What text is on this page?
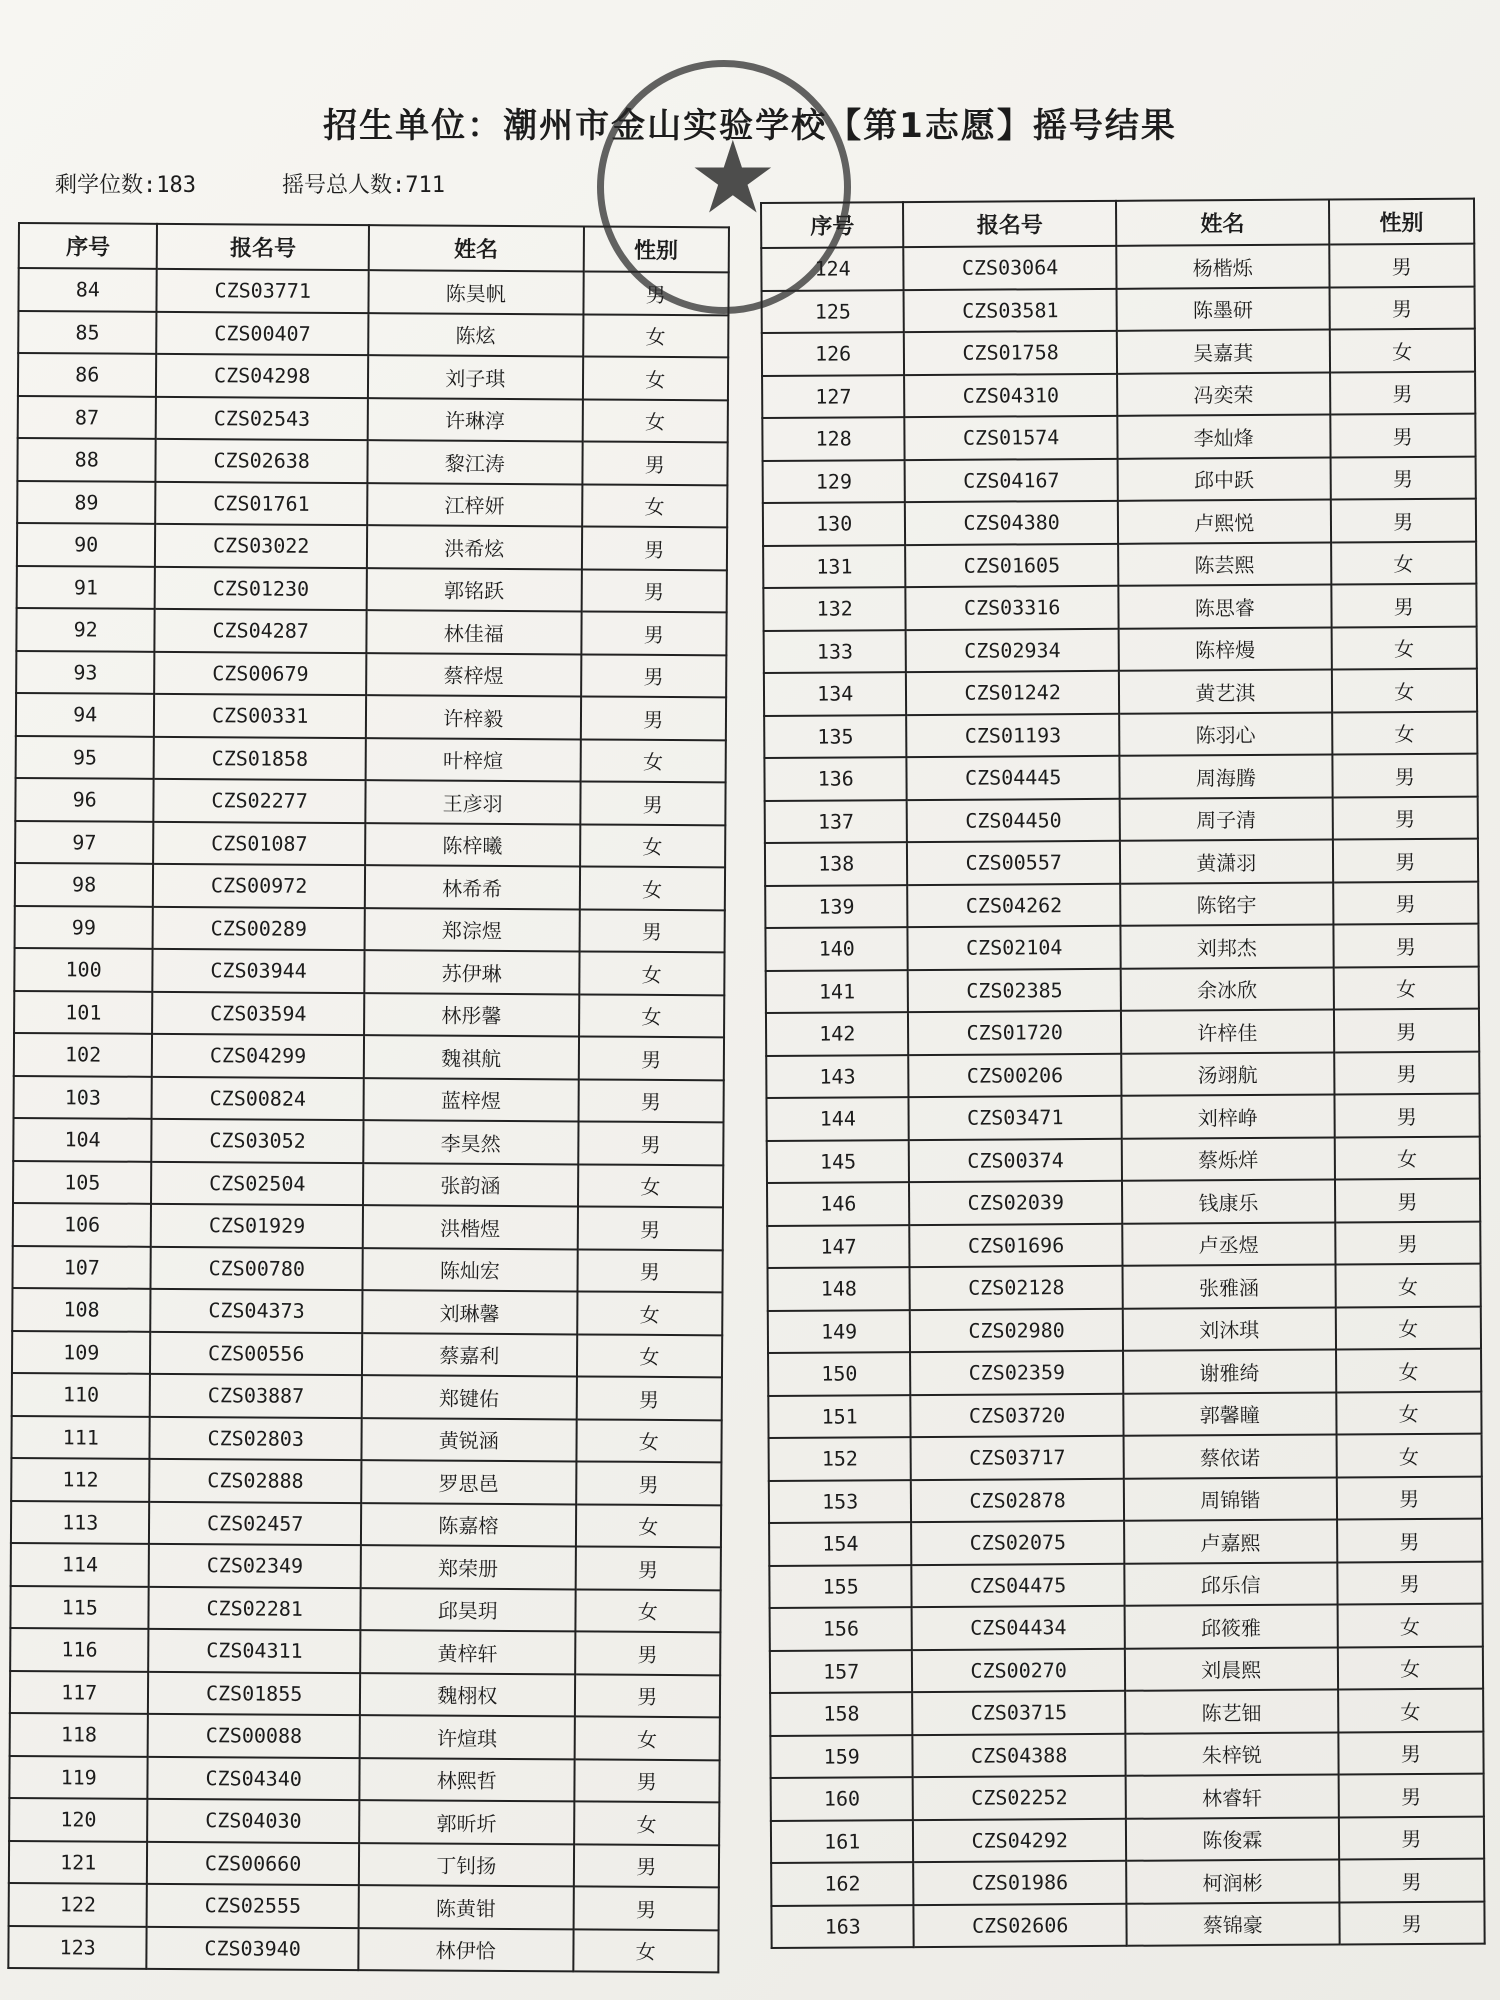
招生单位：潮州市金山实验学校【第1志愿】摇号结果
剩学位数:183	摇号总人数:711
序号	报名号	姓名	性别
84	CZS03771	陈昊帆	男
85	CZS00407	陈炫	女
86	CZS04298	刘子琪	女
87	CZS02543	许琳淳	女
88	CZS02638	黎江涛	男
89	CZS01761	江梓妍	女
90	CZS03022	洪希炫	男
91	CZS01230	郭铭跃	男
92	CZS04287	林佳福	男
93	CZS00679	蔡梓煜	男
94	CZS00331	许梓毅	男
95	CZS01858	叶梓煊	女
96	CZS02277	王彦羽	男
97	CZS01087	陈梓曦	女
98	CZS00972	林希希	女
99	CZS00289	郑淙煜	男
100	CZS03944	苏伊琳	女
101	CZS03594	林彤馨	女
102	CZS04299	魏祺航	男
103	CZS00824	蓝梓煜	男
104	CZS03052	李昊然	男
105	CZS02504	张韵涵	女
106	CZS01929	洪楷煜	男
107	CZS00780	陈灿宏	男
108	CZS04373	刘琳馨	女
109	CZS00556	蔡嘉利	女
110	CZS03887	郑键佑	男
111	CZS02803	黄锐涵	女
112	CZS02888	罗思邑	男
113	CZS02457	陈嘉榕	女
114	CZS02349	郑荣册	男
115	CZS02281	邱昊玥	女
116	CZS04311	黄梓轩	男
117	CZS01855	魏栩权	男
118	CZS00088	许煊琪	女
119	CZS04340	林熙哲	男
120	CZS04030	郭昕圻	女
121	CZS00660	丁钊扬	男
122	CZS02555	陈黄钳	男
123	CZS03940	林伊恰	女
序号	报名号	姓名	性别
124	CZS03064	杨楷烁	男
125	CZS03581	陈墨研	男
126	CZS01758	吴嘉萁	女
127	CZS04310	冯奕荣	男
128	CZS01574	李灿烽	男
129	CZS04167	邱中跃	男
130	CZS04380	卢熙悦	男
131	CZS01605	陈芸熙	女
132	CZS03316	陈思睿	男
133	CZS02934	陈梓熳	女
134	CZS01242	黄艺淇	女
135	CZS01193	陈羽心	女
136	CZS04445	周海腾	男
137	CZS04450	周子清	男
138	CZS00557	黄潇羽	男
139	CZS04262	陈铭宇	男
140	CZS02104	刘邦杰	男
141	CZS02385	余冰欣	女
142	CZS01720	许梓佳	男
143	CZS00206	汤翊航	男
144	CZS03471	刘梓峥	男
145	CZS00374	蔡烁烊	女
146	CZS02039	钱康乐	男
147	CZS01696	卢丞煜	男
148	CZS02128	张雅涵	女
149	CZS02980	刘沐琪	女
150	CZS02359	谢雅绮	女
151	CZS03720	郭馨瞳	女
152	CZS03717	蔡依诺	女
153	CZS02878	周锦锴	男
154	CZS02075	卢嘉熙	男
155	CZS04475	邱乐信	男
156	CZS04434	邱筱雅	女
157	CZS00270	刘晨熙	女
158	CZS03715	陈艺钿	女
159	CZS04388	朱梓锐	男
160	CZS02252	林睿轩	男
161	CZS04292	陈俊霖	男
162	CZS01986	柯润彬	男
163	CZS02606	蔡锦豪	男
★
